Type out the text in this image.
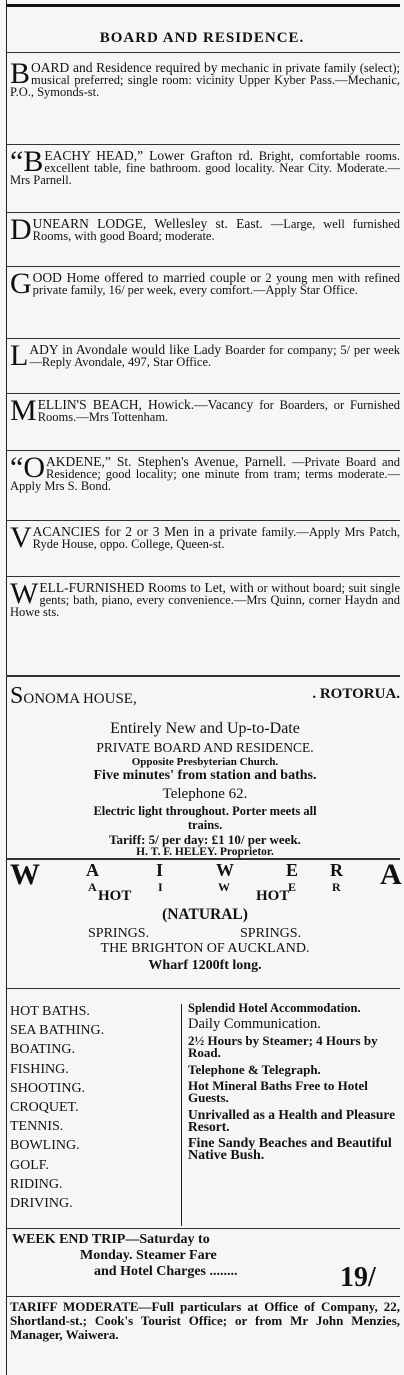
BOARD AND RESIDENCE.
BOARD and Residence required by mechanic in private family (select); musical preferred; single room: vicinity Upper Kyber Pass.—Mechanic, P.O., Symonds-st.
“BEACHY HEAD,” Lower Grafton rd. Bright, comfortable rooms. excellent table, fine bathroom. good locality. Near City. Moderate.—Mrs Parnell.
DUNEARN LODGE, Wellesley st. East. —Large, well furnished Rooms, with good Board; moderate.
GOOD Home offered to married couple or 2 young men with refined private family, 16/ per week, every comfort.—Apply Star Office.
LADY in Avondale would like Lady Boarder for company; 5/ per week—Reply Avondale, 497, Star Office.
MELLIN'S BEACH, Howick.—Vacancy for Boarders, or Furnished Rooms.—Mrs Tottenham.
“OAKDENE,” St. Stephen's Avenue, Parnell. —Private Board and Residence; good locality; one minute from tram; terms moderate.—Apply Mrs S. Bond.
VACANCIES for 2 or 3 Men in a private family.—Apply Mrs Patch, Ryde House, oppo. College, Queen-st.
WELL-FURNISHED Rooms to Let, with or without board; suit single gents; bath, piano, every convenience.—Mrs Quinn, corner Haydn and Howe sts.
SONOMA HOUSE,	. ROTORUA.
Entirely New and Up-to-Date
PRIVATE BOARD AND RESIDENCE.
Opposite Presbyterian Church.
Five minutes' from station and baths.
Telephone 62.
Electric light throughout. Porter meets all
trains.
Tariff: 5/ per day: £1 10/ per week.
H. T. F. HELEY. Proprietor.
W	A	I	W	E R A
A	I	W	E	R
HOT	HOT
(NATURAL)
SPRINGS.	SPRINGS.
THE BRIGHTON OF AUCKLAND.
Wharf 1200ft long.
HOT BATHS.
SEA BATHING.
BOATING.
FISHING.
SHOOTING.
CROQUET.
TENNIS.
BOWLING.
GOLF.
RIDING.
DRIVING.
Splendid Hotel Accommodation.
Daily Communication.
2½ Hours by Steamer; 4 Hours by Road.
Telephone & Telegraph.
Hot Mineral Baths Free to Hotel Guests.
Unrivalled as a Health and Pleasure Resort.
Fine Sandy Beaches and Beautiful Native Bush.
WEEK END TRIP—Saturday to
Monday. Steamer Fare
and Hotel Charges ........	19/
TARIFF MODERATE—Full particulars at Office of Company, 22, Shortland-st.; Cook's Tourist Office; or from Mr John Menzies, Manager, Waiwera.
